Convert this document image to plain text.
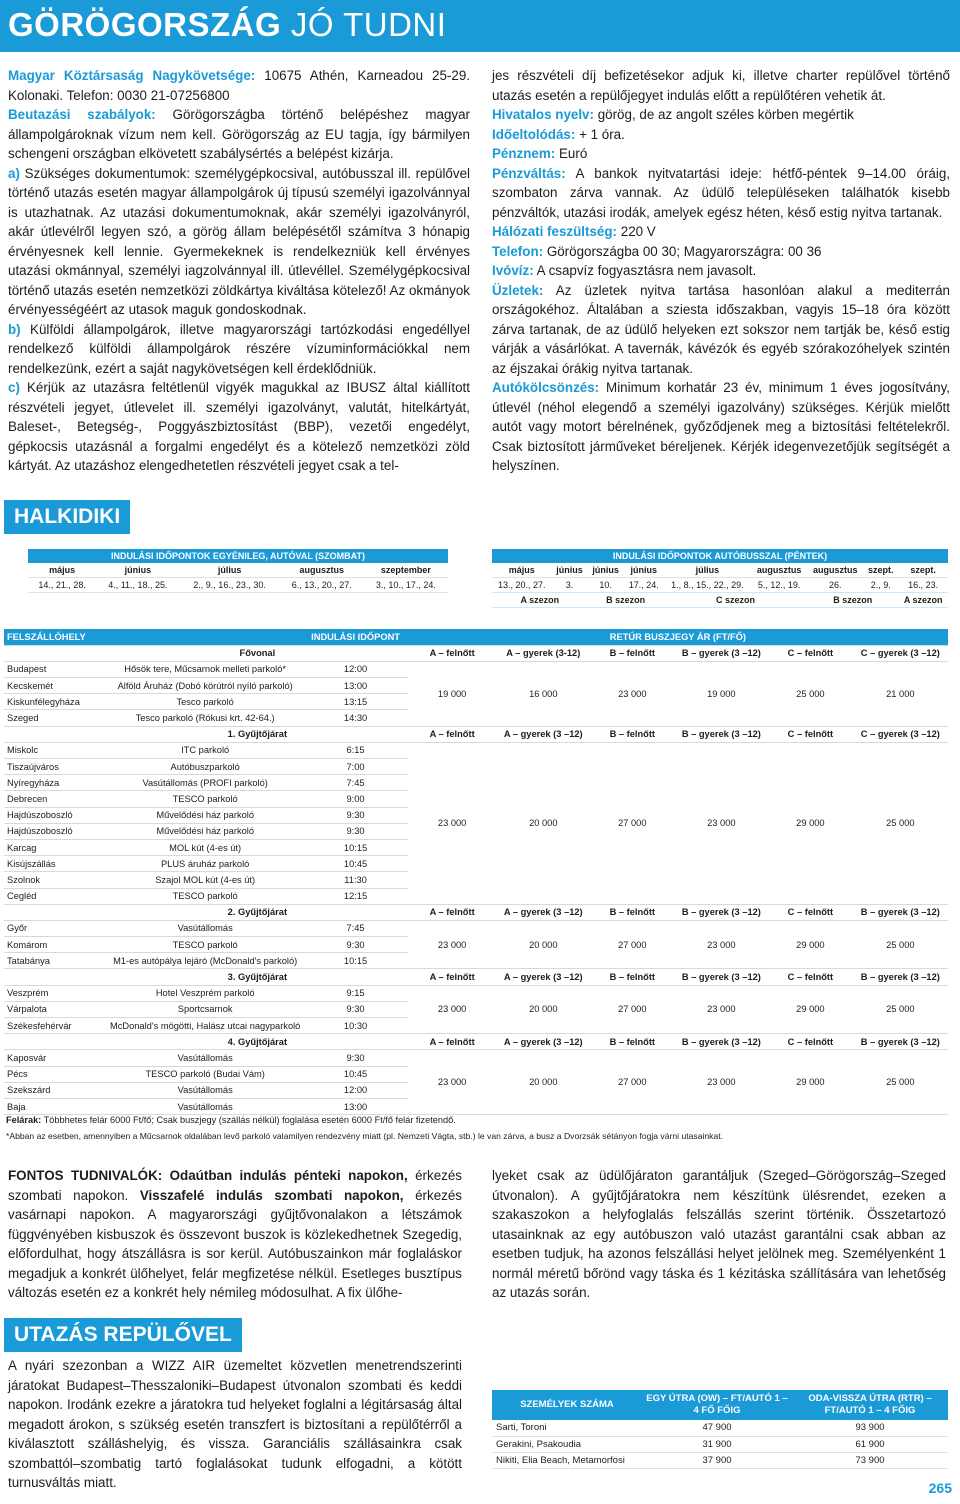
GÖRÖGORSZÁG JÓ TUDNI

Magyar Köztársaság Nagykövetsége: 10675 Athén, Karneadou 25-29. Kolonaki. Telefon: 0030 21-07256800

Beutazási szabályok: Görögországba történő belépéshez magyar állampolgároknak vízum nem kell. Görögország az EU tagja, így bármilyen schengeni országban elkövetett szabálysértés a belépést kizárja.

a) Szükséges dokumentumok: személygépkocsival, autóbusszal ill. repülővel történő utazás esetén magyar állampolgárok új típusú személyi igazolvánnyal is utazhatnak. Az utazási dokumentumoknak, akár személyi igazolványról, akár útlevélről legyen szó, a görög állam belépésétől számítva 3 hónapig érvényesnek kell lennie. Gyermekeknek is rendelkezniük kell érvényes utazási okmánnyal, személyi iagzolvánnyal ill. útlevéllel. Személygépkocsival történő utazás esetén nemzetközi zöldkártya kiváltása kötelező! Az okmányok érvényességéért az utasok maguk gondoskodnak.

b) Külföldi állampolgárok, illetve magyarországi tartózkodási engedéllyel rendelkező külföldi állampolgárok részére vízuminformációkkal nem rendelkezünk, ezért a saját nagykövetségen kell érdeklődniük.

c) Kérjük az utazásra feltétlenül vigyék magukkal az IBUSZ által kiállított részvételi jegyet, útlevelet ill. személyi igazolványt, valutát, hitelkártyát, Baleset-, Betegség-, Poggyászbiztosítást (BBP), vezetői engedélyt, gépkocsis utazásnál a forgalmi engedélyt és a kötelező nemzetközi zöld kártyát. Az utazáshoz elengedhetetlen részvételi jegyet csak a tel-

jes részvételi díj befizetésekor adjuk ki, illetve charter repülővel történő utazás esetén a repülőjegyet indulás előtt a repülőtéren vehetik át.

Hivatalos nyelv: görög, de az angolt széles körben megértik

Időeltolódás: + 1 óra.

Pénznem: Euró

Pénzváltás: A bankok nyitvatartási ideje: hétfő-péntek 9–14.00 óráig, szombaton zárva vannak. Az üdülő településeken találhatók kisebb pénzváltók, utazási irodák, amelyek egész héten, késő estig nyitva tartanak.

Hálózati feszültség: 220 V

Telefon: Görögországba 00 30; Magyarországra: 00 36

Ivóvíz: A csapvíz fogyasztásra nem javasolt.

Üzletek: Az üzletek nyitva tartása hasonlóan alakul a mediterrán országokéhoz. Általában a sziesta időszakban, vagyis 15–18 óra között zárva tartanak, de az üdülő helyeken ezt sokszor nem tartják be, késő estig várják a vásárlókat. A tavernák, kávézók és egyéb szórakozóhelyek szintén az éjszakai órákig nyitva tartanak.

Autókölcsönzés: Minimum korhatár 23 év, minimum 1 éves jogosítvány, útlevél (néhol elegendő a személyi igazolvány) szükséges. Kérjük mielőtt autót vagy motort bérelnének, győződjenek meg a biztosítási feltételekről. Csak biztosított járműveket béreljenek. Kérjék idegenvezetőjük segítségét a helyszínen.

HALKIDIKI
INDULÁSI IDŐPONTOK EGYÉNILEG, AUTÓVAL (SZOMBAT)				
május	június	július	augusztus	szeptember
14., 21., 28.	4., 11., 18., 25.	2., 9., 16., 23., 30.	6., 13., 20., 27.	3., 10., 17., 24.
INDULÁSI IDŐPONTOK AUTÓBUSSZAL (PÉNTEK)								
május	június	június	június	július	augusztus	augusztus	szept.	szept.
13., 20., 27.	3.	10.	17., 24.	1., 8., 15., 22., 29.	5., 12., 19.	26.	2., 9.	16., 23.
A szezon		B szezon		C szezon		B szezon		A szezon
FELSZÁLLÓHELY		INDULÁSI IDŐPONT	RETÚR BUSZJEGY ÁR (FT/FŐ)					
	Fővonal		A – felnőtt	A – gyerek (3-12)	B – felnőtt	B – gyerek (3 –12)	C – felnőtt	C – gyerek (3 –12)
Budapest	Hősök tere, Műcsarnok melleti parkoló*	12:00	19 000	16 000	23 000	19 000	25 000	21 000
Kecskemét	Alföld Áruház (Dobó körútról nyíló parkoló)	13:00						
Kiskunfélegyháza	Tesco parkoló	13:15						
Szeged	Tesco parkoló (Rókusi krt. 42-64.)	14:30						
	1. Gyűjtőjárat		A – felnőtt	A – gyerek (3 –12)	B – felnőtt	B – gyerek (3 –12)	C – felnőtt	C – gyerek (3 –12)
Miskolc	ITC parkoló	6:15	23 000	20 000	27 000	23 000	29 000	25 000
Tiszaújváros	Autóbuszparkoló	7:00						
Nyíregyháza	Vasútállomás (PROFI parkoló)	7:45						
Debrecen	TESCO parkoló	9:00						
Hajdúszoboszló	Művelődési ház parkoló	9:30						
Hajdúszoboszló	Művelődési ház parkoló	9:30						
Karcag	MOL kút (4-es út)	10:15						
Kisújszállás	PLUS áruház parkoló	10:45						
Szolnok	Szajol MOL kút (4-es út)	11:30						
Cegléd	TESCO parkoló	12:15						
	2. Gyűjtőjárat		A – felnőtt	A – gyerek (3 –12)	B – felnőtt	B – gyerek (3 –12)	C – felnőtt	B – gyerek (3 –12)
Győr	Vasútállomás	7:45	23 000	20 000	27 000	23 000	29 000	25 000
Komárom	TESCO parkoló	9:30						
Tatabánya	M1-es autópálya lejáró (McDonald's parkoló)	10:15						
	3. Gyűjtőjárat		A – felnőtt	A – gyerek (3 –12)	B – felnőtt	B – gyerek (3 –12)	C – felnőtt	B – gyerek (3 –12)
Veszprém	Hotel Veszprém parkoló	9:15	23 000	20 000	27 000	23 000	29 000	25 000
Várpalota	Sportcsarnok	9:30						
Székesfehérvár	McDonald's mögötti, Halász utcai nagyparkoló	10:30						
	4. Gyűjtőjárat		A – felnőtt	A – gyerek (3 –12)	B – felnőtt	B – gyerek (3 –12)	C – felnőtt	B – gyerek (3 –12)
Kaposvár	Vasútállomás	9:30	23 000	20 000	27 000	23 000	29 000	25 000
Pécs	TESCO parkoló (Budai Vám)	10:45						
Szekszárd	Vasútállomás	12:00						
Baja	Vasútállomás	13:00						
Felárak: Többhetes felár 6000 Ft/fő; Csak buszjegy (szállás nélkül) foglalása esetén 6000 Ft/fő felár fizetendő.
*Abban az esetben, amennyiben a Műcsarnok oldalában levő parkoló valamilyen rendezvény miatt (pl. Nemzeti Vágta, stb.) le van zárva, a busz a Dvorzsák sétányon fogja várni utasainkat.

FONTOS TUDNIVALÓK: Odaútban indulás pénteki napokon, érkezés szombati napokon. Visszafelé indulás szombati napokon, érkezés vasárnapi napokon. A magyarországi gyűjtővonalakon a létszámok függvényében kisbuszok és összevont buszok is közlekedhetnek Szegedig, előfordulhat, hogy átszállásra is sor kerül. Autóbuszainkon már foglaláskor megadjuk a konkrét ülőhelyet, felár megfizetése nélkül. Esetleges busztípus változás esetén ez a konkrét hely némileg módosulhat. A fix ülőhe-

lyeket csak az üdülőjáraton garantáljuk (Szeged–Görögország–Szeged útvonalon). A gyűjtőjáratokra nem készítünk ülésrendet, ezeken a szakaszokon a helyfoglalás felszállás szerint történik. Összetartozó utasainknak az egy autóbuszon való utazást garantálni csak abban az esetben tudjuk, ha azonos felszállási helyet jelölnek meg. Személyenként 1 normál méretű bőrönd vagy táska és 1 kézitáska szállítására van lehetőség az utazás során.

UTAZÁS REPÜLŐVEL
A nyári szezonban a WIZZ AIR üzemeltet közvetlen menetrendszerinti járatokat Budapest–Thesszaloniki–Budapest útvonalon szombati és keddi napokon. Irodánk ezekre a járatokra tud helyeket foglalni a légitársaság által megadott árokon, s szükség esetén transzfert is biztosítani a repülőtérről a kiválasztott szálláshelyig, és vissza. Garanciális szállásainkra csak szombattól–szombatig tartó foglalásokat tudunk elfogadni, a kötött turnusváltás miatt.
SZEMÉLYEK SZÁMA	EGY ÚTRA (OW) – FT/AUTÓ 1 – 4 FŐ FŐIG	ODA-VISSZA ÚTRA (RTR) – FT/AUTÓ 1 – 4 FŐIG
Sarti, Toroni	47 900	93 900
Gerakini, Psakoudia	31 900	61 900
Nikiti, Elia Beach, Metamorfosi	37 900	73 900
265
